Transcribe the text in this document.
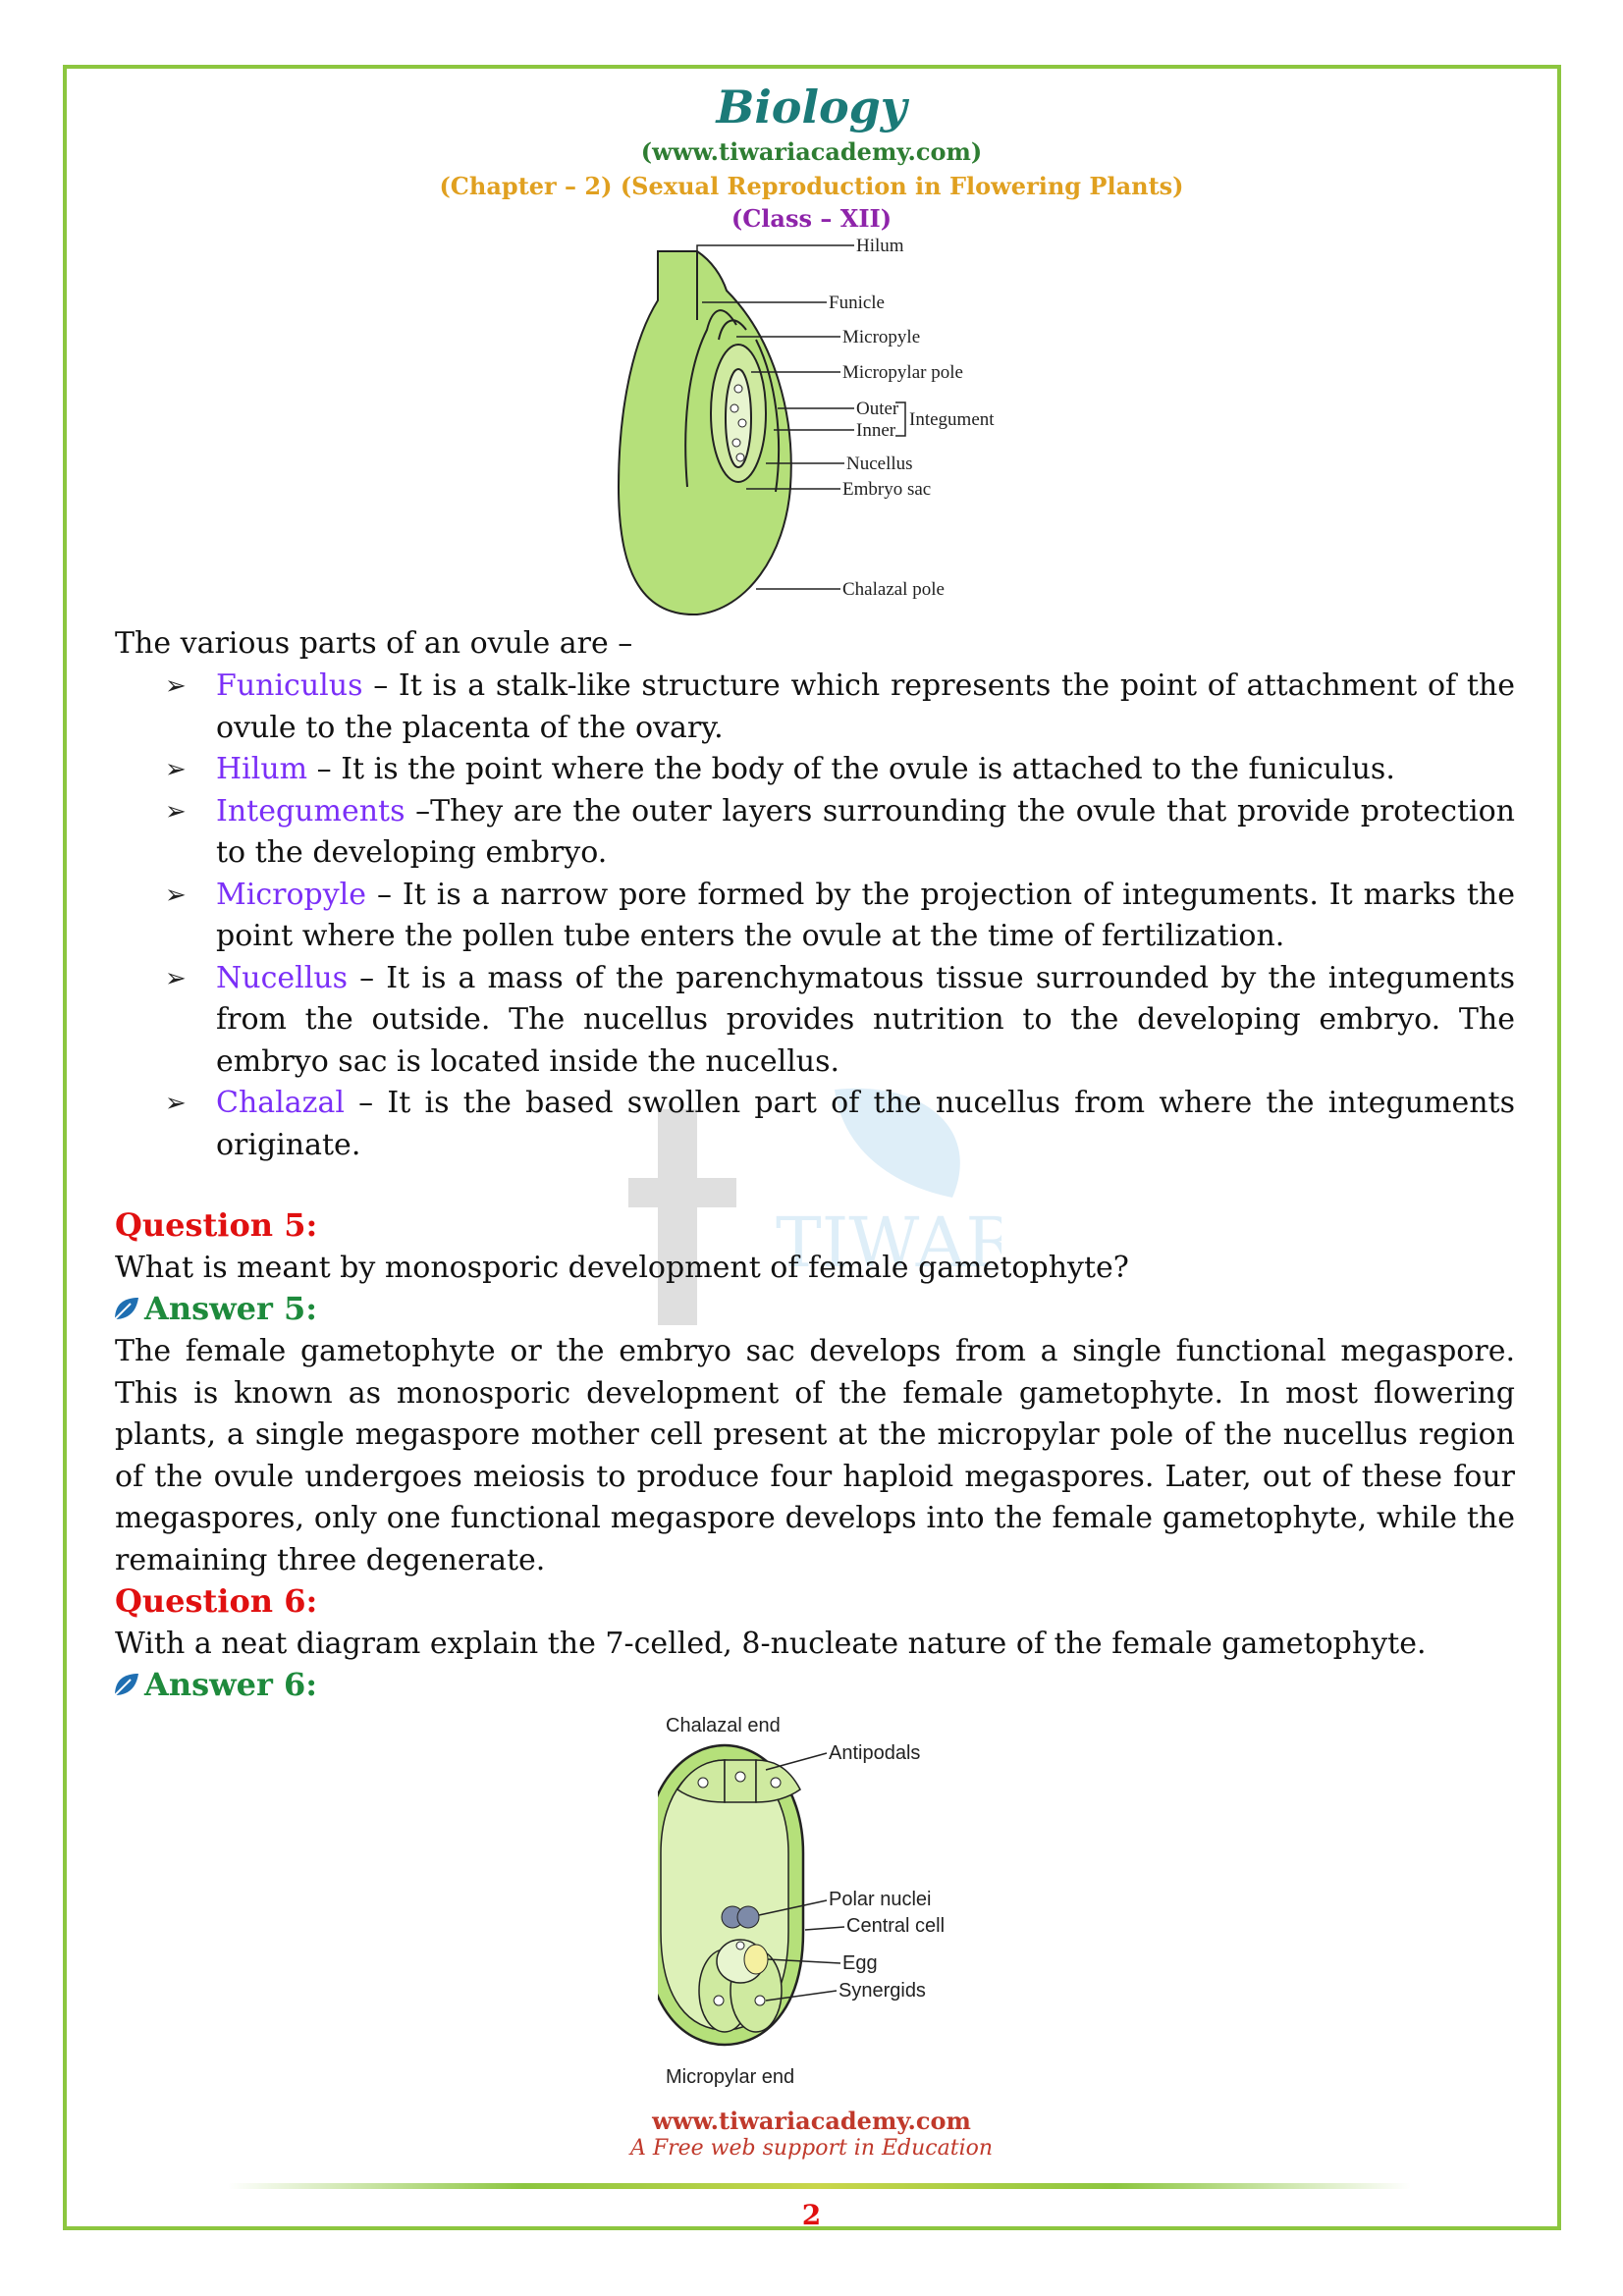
Biology
(www.tiwariacademy.com)
(Chapter – 2) (Sexual Reproduction in Flowering Plants)
(Class – XII)
TIWAR
Hilum
Funicle
Micropyle
Micropylar pole
Outer
Inner
Integument
Nucellus
Embryo sac
Chalazal pole
The various parts of an ovule are –
➢ Funiculus – It is a stalk-like structure which represents the point of attachment of the ovule to the placenta of the ovary.
➢ Hilum – It is the point where the body of the ovule is attached to the funiculus.
➢ Integuments –They are the outer layers surrounding the ovule that provide protection to the developing embryo.
➢ Micropyle – It is a narrow pore formed by the projection of integuments. It marks the point where the pollen tube enters the ovule at the time of fertilization.
➢ Nucellus – It is a mass of the parenchymatous tissue surrounded by the integuments from the outside. The nucellus provides nutrition to the developing embryo. The embryo sac is located inside the nucellus.
➢ Chalazal – It is the based swollen part of the nucellus from where the integuments originate.
Question 5:
What is meant by monosporic development of female gametophyte?
Answer 5:
The female gametophyte or the embryo sac develops from a single functional megaspore. This is known as monosporic development of the female gametophyte. In most flowering plants, a single megaspore mother cell present at the micropylar pole of the nucellus region of the ovule undergoes meiosis to produce four haploid megaspores. Later, out of these four megaspores, only one functional megaspore develops into the female gametophyte, while the remaining three degenerate.
Question 6:
With a neat diagram explain the 7-celled, 8-nucleate nature of the female gametophyte.
Answer 6:
Chalazal end
Antipodals
Polar nuclei
Central cell
Egg
Synergids
Micropylar end
www.tiwariacademy.com
A Free web support in Education
2
